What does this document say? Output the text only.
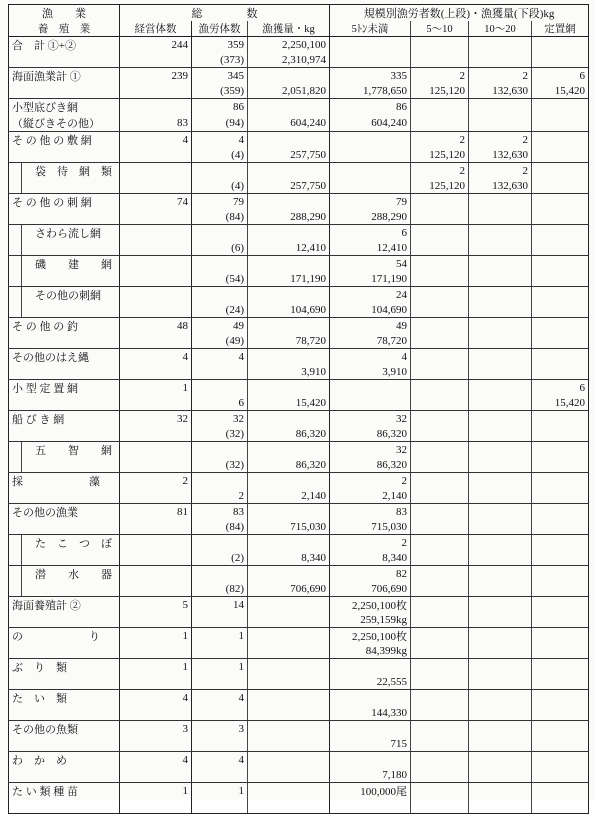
漁　　業	総　　　　数			規模別漁労者数(上段)・漁獲量(下段)kg			
養　殖　業	経営体数	漁労体数	漁獲量・kg	5ﾄﾝ未満	5～10	10～20	定置網
合　計 ①+②	244	359	2,250,100				
		(373)	2,310,974				
海面漁業計 ①	239	345		335	2	2	6
		(359)	2,051,820	1,778,650	125,120	132,630	15,420
小型底びき網		86		86			
（縦びきその他）	83	(94)	604,240	604,240			
そ の 他 の 敷 網	4	4			2	2	
		(4)	257,750		125,120	132,630	
袋　待　網　類					2	2	
		(4)	257,750		125,120	132,630	
そ の 他 の 刺 網	74	79		79			
		(84)	288,290	288,290			
さわら流し網				6			
		(6)	12,410	12,410			
磯　　建　　網				54			
		(54)	171,190	171,190			
その他の刺網				24			
		(24)	104,690	104,690			
そ の 他 の 釣	48	49		49			
		(49)	78,720	78,720			
その他のはえ縄	4	4		4			
			3,910	3,910			
小 型 定 置 網	1						6
		6	15,420				15,420
船 び き 網	32	32		32			
		(32)	86,320	86,320			
五　　智　　網				32			
		(32)	86,320	86,320			
採　　　　　　藻	2			2			
		2	2,140	2,140			
その他の漁業	81	83		83			
		(84)	715,030	715,030			
た　こ　つ　ぼ				2			
		(2)	8,340	8,340			
潜　　水　　器				82			
		(82)	706,690	706,690			
海面養殖計 ②	5	14		2,250,100枚			
				259,159kg			
の　　　　　　り	1	1		2,250,100枚			
				84,399kg			
ぶ　り　類	1	1					
				22,555			
た　い　類	4	4					
				144,330			
その他の魚類	3	3					
				715			
わ　か　め	4	4					
				7,180			
た い 類 種 苗	1	1		100,000尾			
